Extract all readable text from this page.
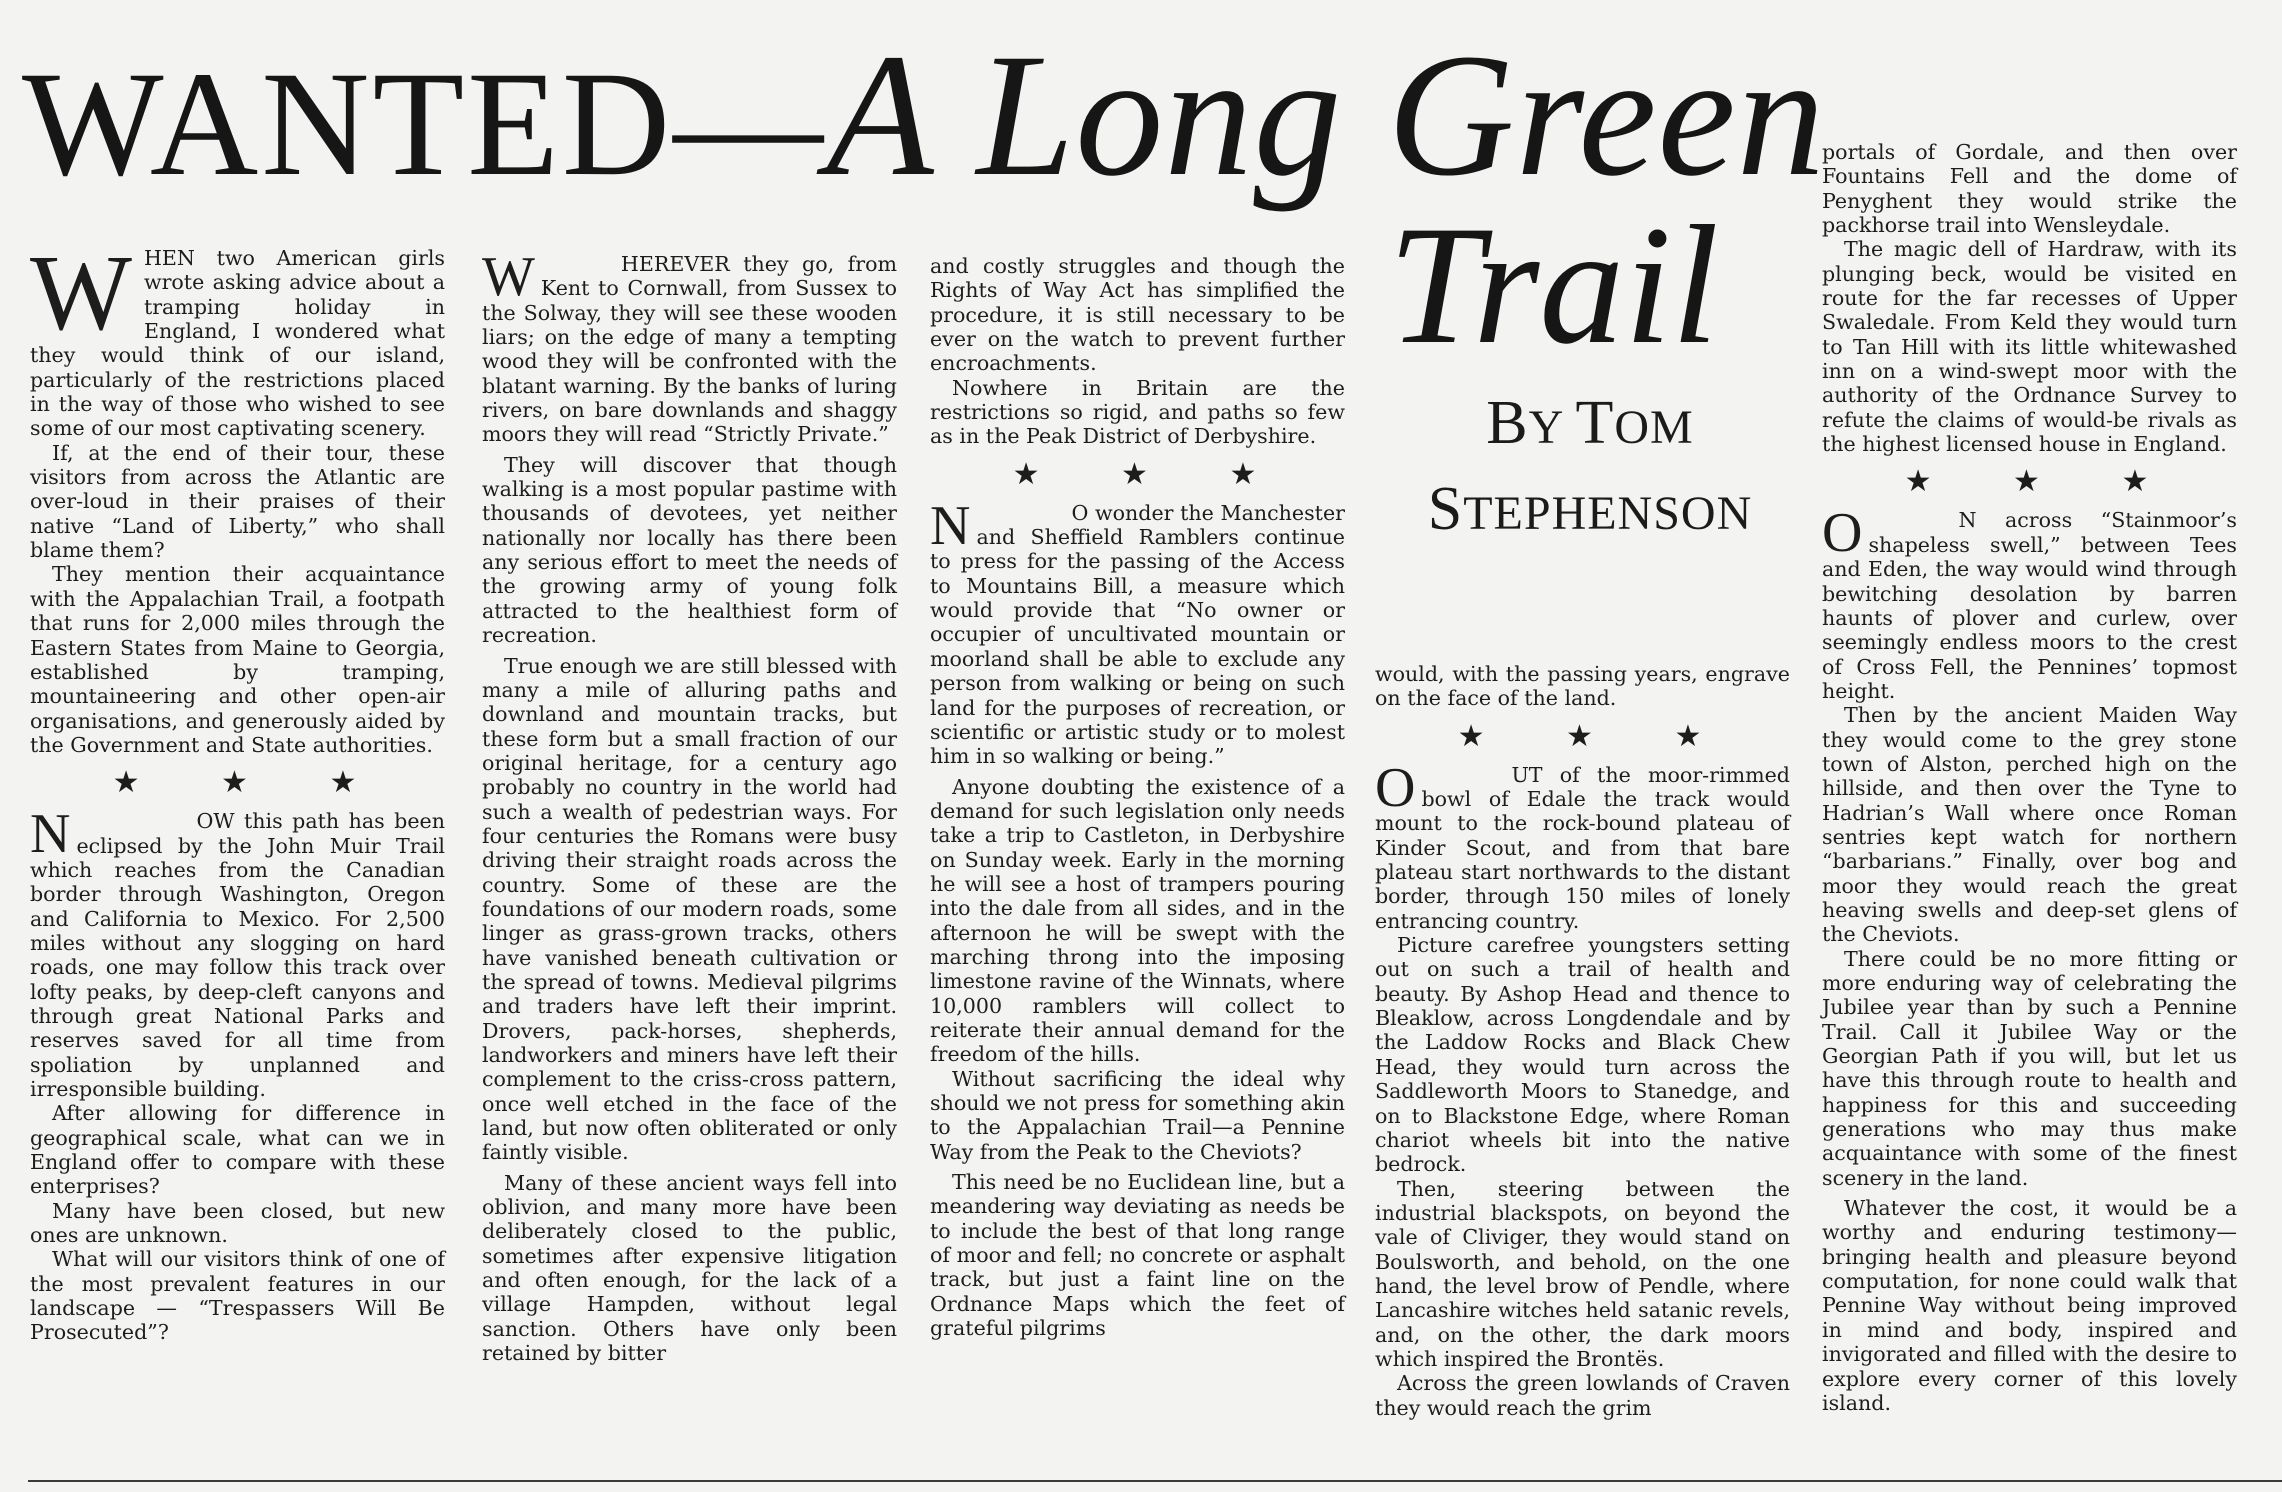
WANTED—A Long Green
Trail
BY TOM
STEPHENSON

WHEN two American girls wrote asking advice about a tramping holiday in England, I wondered what they would think of our island, particularly of the restrictions placed in the way of those who wished to see some of our most captivating scenery.

If, at the end of their tour, these visitors from across the Atlantic are over-loud in their praises of their native “Land of Liberty,” who shall blame them?

They mention their acquaintance with the Appalachian Trail, a footpath that runs for 2,000 miles through the Eastern States from Maine to Georgia, established by tramping, mountaineering and other open-air organisations, and generously aided by the Government and State authorities.

★ ★ ★

N	OW this path has been eclipsed by the John Muir Trail which reaches from the Canadian border through Washington, Oregon and California to Mexico. For 2,500 miles without any slogging on hard roads, one may follow this track over lofty peaks, by deep-cleft canyons and through great National Parks and reserves saved for all time from spoliation by unplanned and irresponsible building.

After allowing for difference in geographical scale, what can we in England offer to compare with these enterprises?

Many have been closed, but new ones are unknown.

What will our visitors think of one of the most prevalent features in our landscape — “Trespassers Will Be Prosecuted”?

W	HEREVER they go, from Kent to Cornwall, from Sussex to the Solway, they will see these wooden liars; on the edge of many a tempting wood they will be confronted with the blatant warning. By the banks of luring rivers, on bare downlands and shaggy moors they will read “Strictly Private.”

They will discover that though walking is a most popular pastime with thousands of devotees, yet neither nationally nor locally has there been any serious effort to meet the needs of the growing army of young folk attracted to the healthiest form of recreation.

True enough we are still blessed with many a mile of alluring paths and downland and mountain tracks, but these form but a small fraction of our original heritage, for a century ago probably no country in the world had such a wealth of pedestrian ways. For four centuries the Romans were busy driving their straight roads across the country. Some of these are the foundations of our modern roads, some linger as grass-grown tracks, others have vanished beneath cultivation or the spread of towns. Medieval pilgrims and traders have left their imprint. Drovers, pack-horses, shepherds, landworkers and miners have left their complement to the criss-cross pattern, once well etched in the face of the land, but now often obliterated or only faintly visible.

Many of these ancient ways fell into oblivion, and many more have been deliberately closed to the public, sometimes after expensive litigation and often enough, for the lack of a village Hampden, without legal sanction. Others have only been retained by bitter

and costly struggles and though the Rights of Way Act has simplified the procedure, it is still necessary to be ever on the watch to prevent further encroachments.

Nowhere in Britain are the restrictions so rigid, and paths so few as in the Peak District of Derbyshire.

★ ★ ★

N	O wonder the Manchester and Sheffield Ramblers continue to press for the passing of the Access to Mountains Bill, a measure which would provide that “No owner or occupier of uncultivated mountain or moorland shall be able to exclude any person from walking or being on such land for the purposes of recreation, or scientific or artistic study or to molest him in so walking or being.”

Anyone doubting the existence of a demand for such legislation only needs take a trip to Castleton, in Derbyshire on Sunday week. Early in the morning he will see a host of trampers pouring into the dale from all sides, and in the afternoon he will be swept with the marching throng into the imposing limestone ravine of the Winnats, where 10,000 ramblers will collect to reiterate their annual demand for the freedom of the hills.

Without sacrificing the ideal why should we not press for something akin to the Appalachian Trail—a Pennine Way from the Peak to the Cheviots?

This need be no Euclidean line, but a meandering way deviating as needs be to include the best of that long range of moor and fell; no concrete or asphalt track, but just a faint line on the Ordnance Maps which the feet of grateful pilgrims

would, with the passing years, engrave on the face of the land.

★ ★ ★

O	UT of the moor-rimmed bowl of Edale the track would mount to the rock-bound plateau of Kinder Scout, and from that bare plateau start northwards to the distant border, through 150 miles of lonely entrancing country.

Picture carefree youngsters setting out on such a trail of health and beauty. By Ashop Head and thence to Bleaklow, across Longdendale and by the Laddow Rocks and Black Chew Head, they would turn across the Saddleworth Moors to Stanedge, and on to Blackstone Edge, where Roman chariot wheels bit into the native bedrock.

Then, steering between the industrial blackspots, on beyond the vale of Cliviger, they would stand on Boulsworth, and behold, on the one hand, the level brow of Pendle, where Lancashire witches held satanic revels, and, on the other, the dark moors which inspired the Brontës.

Across the green lowlands of Craven they would reach the grim

portals of Gordale, and then over Fountains Fell and the dome of Penyghent they would strike the packhorse trail into Wensleydale.

The magic dell of Hardraw, with its plunging beck, would be visited en route for the far recesses of Upper Swaledale. From Keld they would turn to Tan Hill with its little whitewashed inn on a wind-swept moor with the authority of the Ordnance Survey to refute the claims of would-be rivals as the highest licensed house in England.

★ ★ ★

O	N across “Stainmoor’s shapeless swell,” between Tees and Eden, the way would wind through bewitching desolation by barren haunts of plover and curlew, over seemingly endless moors to the crest of Cross Fell, the Pennines’ topmost height.

Then by the ancient Maiden Way they would come to the grey stone town of Alston, perched high on the hillside, and then over the Tyne to Hadrian’s Wall where once Roman sentries kept watch for northern “barbarians.” Finally, over bog and moor they would reach the great heaving swells and deep-set glens of the Cheviots.

There could be no more fitting or more enduring way of celebrating the Jubilee year than by such a Pennine Trail. Call it Jubilee Way or the Georgian Path if you will, but let us have this through route to health and happiness for this and succeeding generations who may thus make acquaintance with some of the finest scenery in the land.

Whatever the cost, it would be a worthy and enduring testimony—bringing health and pleasure beyond computation, for none could walk that Pennine Way without being improved in mind and body, inspired and invigorated and filled with the desire to explore every corner of this lovely island.
